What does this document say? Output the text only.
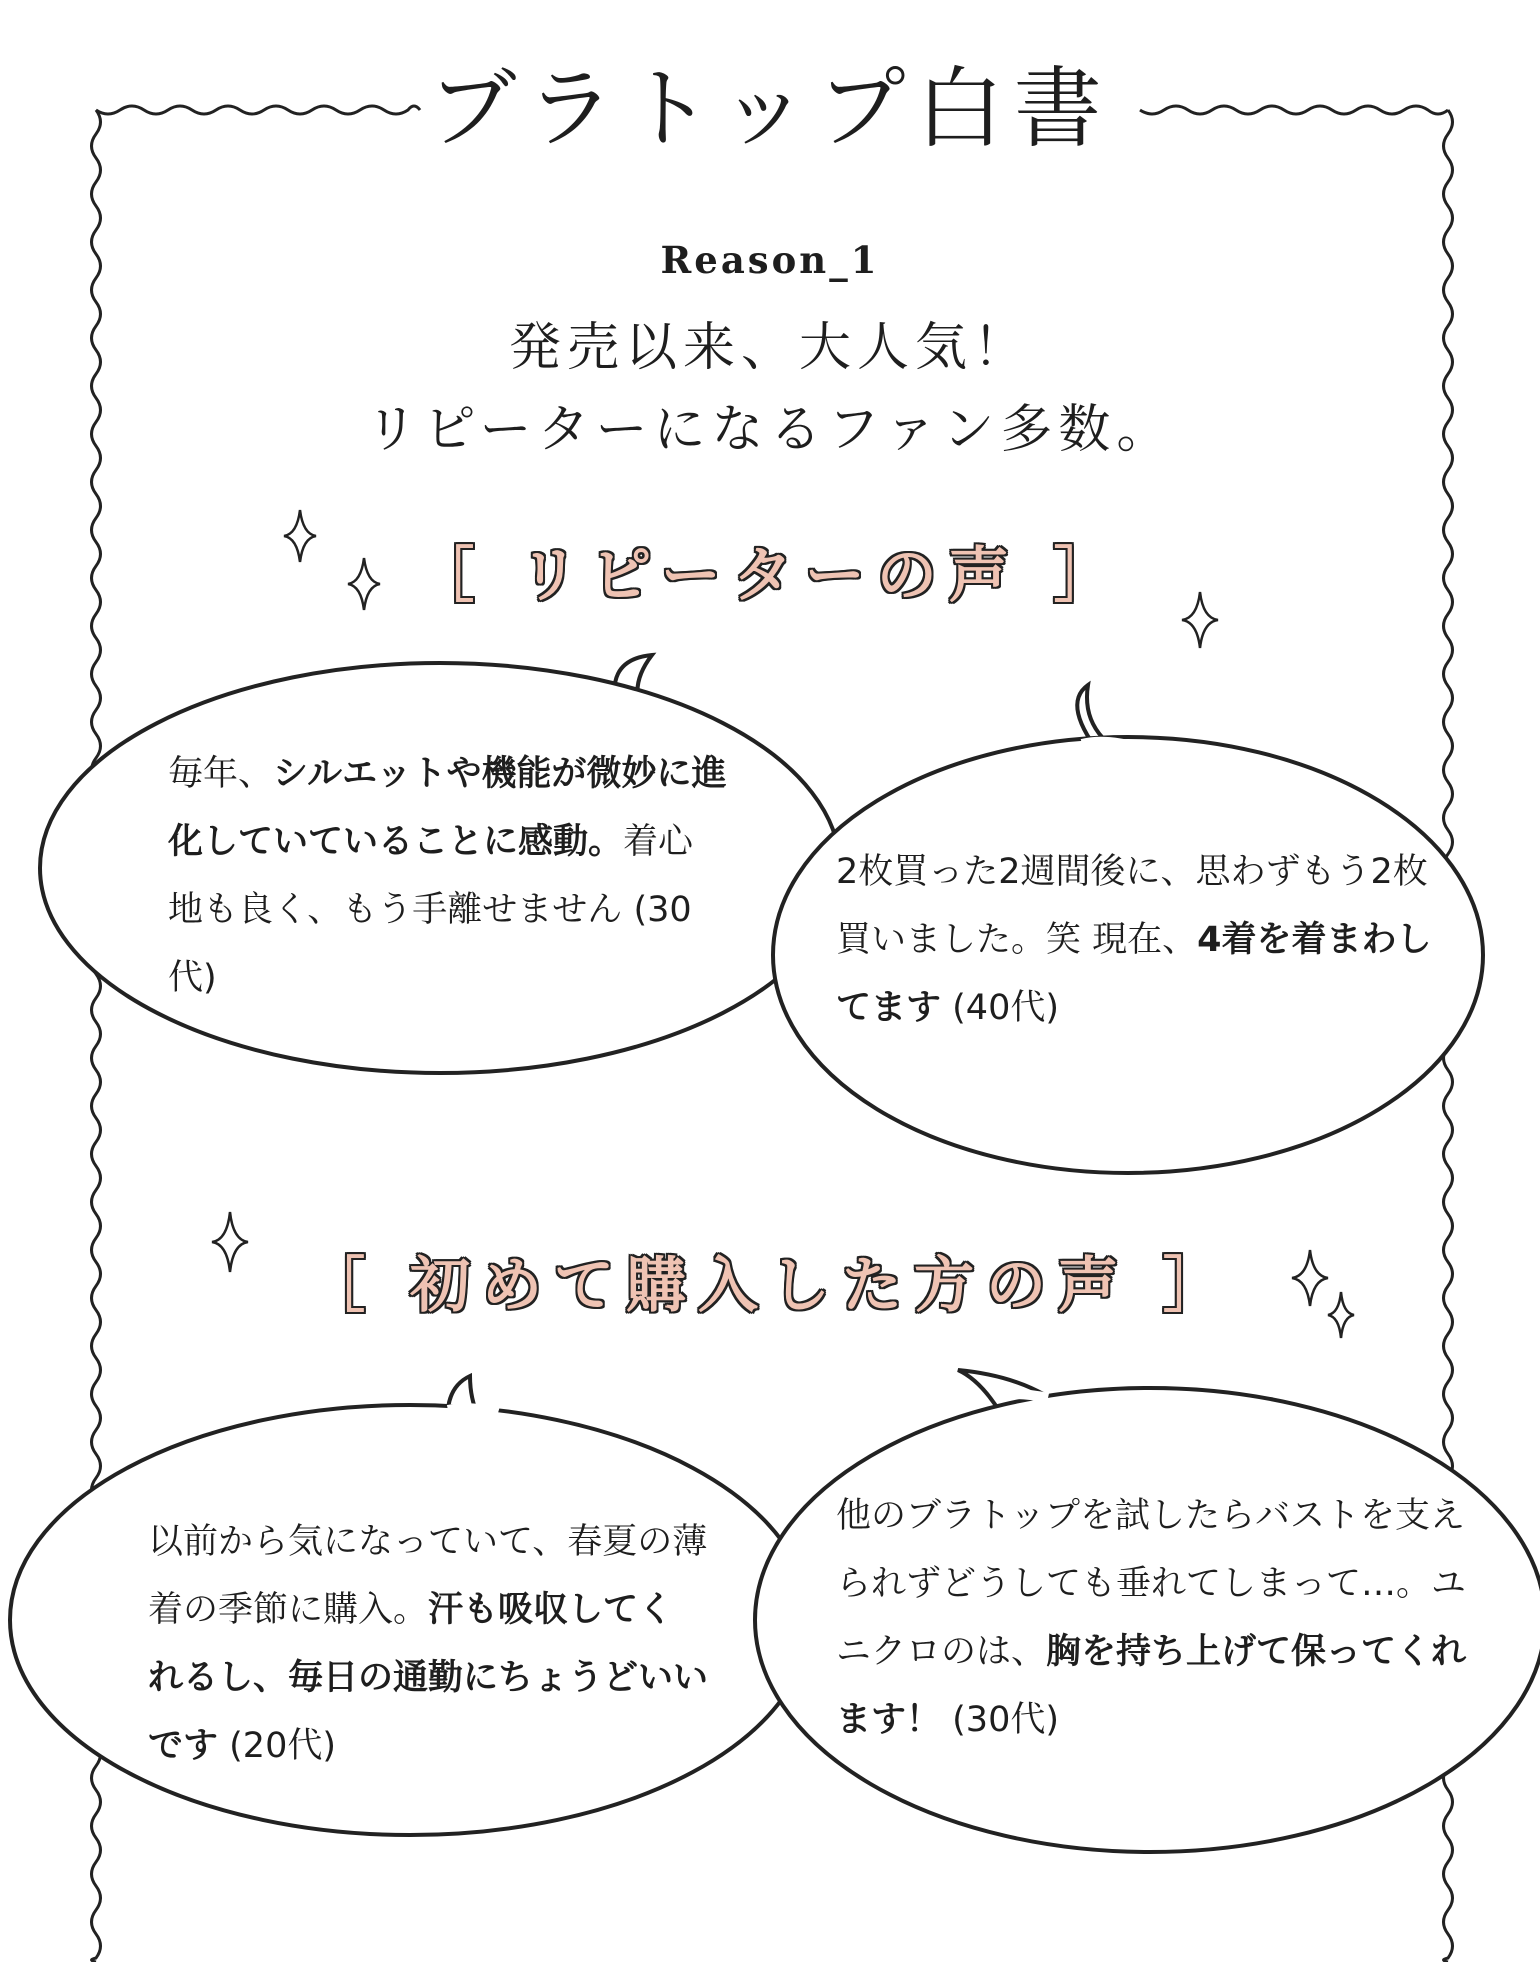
ブラトップ白書
Reason_1
発売以来、大人気！
リピーターになるファン多数。
［ リピーターの声 ］
［ 初めて購入した方の声 ］
毎年、シルエットや機能が微妙に進化していていることに感動。着心地も良く、もう手離せません (30代)
2枚買った2週間後に、思わずもう2枚買いました。笑 現在、4着を着まわしてます (40代)
以前から気になっていて、春夏の薄着の季節に購入。汗も吸収してくれるし、毎日の通勤にちょうどいいです (20代)
他のブラトップを試したらバストを支えられずどうしても垂れてしまって…。ユニクロのは、胸を持ち上げて保ってくれます！ (30代)
